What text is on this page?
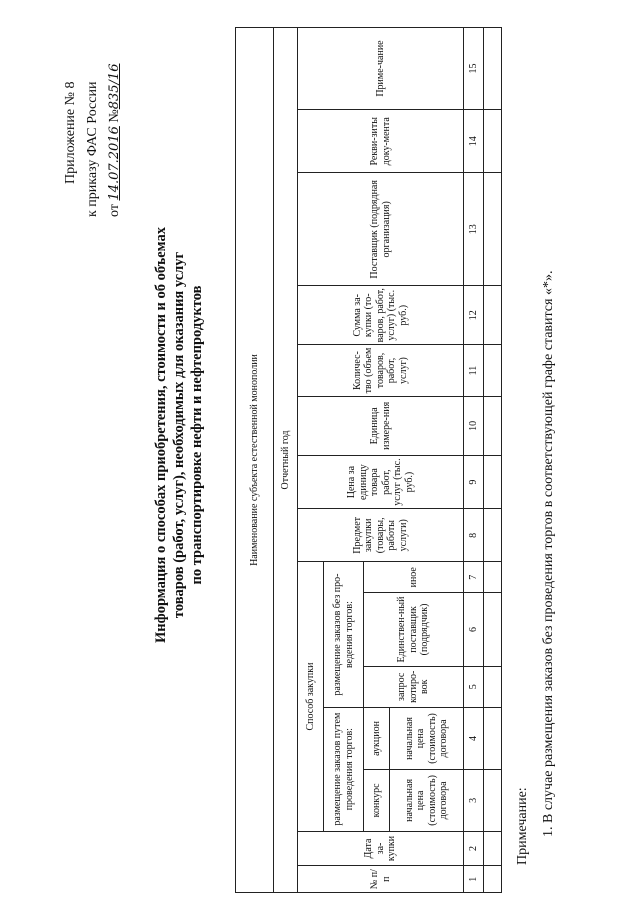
Приложение № 8 к приказу ФАС России от 14.07.2016 №835/16
Информация о способах приобретения, стоимости и об объемах товаров (работ, услуг), необходимых для оказания услуг по транспортировке нефти и нефтепродуктов	Наименование субъекта естественной монополии														
Отчетный год														
№ п/п	Дата за-купки	Способ закупки					Предмет закупки (товары, работы услуги)	Цена за единицу товара работ, услуг (тыс. руб.)	Единица измере-ния	Количес-тво (объем товаров, работ, услуг)	Сумма за-купки (то-варов, работ, услуг) (тыс. руб.)	Поставщик (подрядная организация)	Рекви-зиты доку-мента	Приме-чание
		размещение заказов путем проведения торгов:		размещение заказов без про-ведения торгов:										
		конкурс	аукцион	запрос котиро-вок	Единствен-ный поставщик (подрядчик)	иное								
		начальная цена (стоимость) договора	начальная цена (стоимость) договора											
1	2	3	4	5	6	7	8	9	10	11	12	13	14	15

Примечание: 1. В случае размещения заказов без проведения торгов в соответствующей графе ставится «*».
